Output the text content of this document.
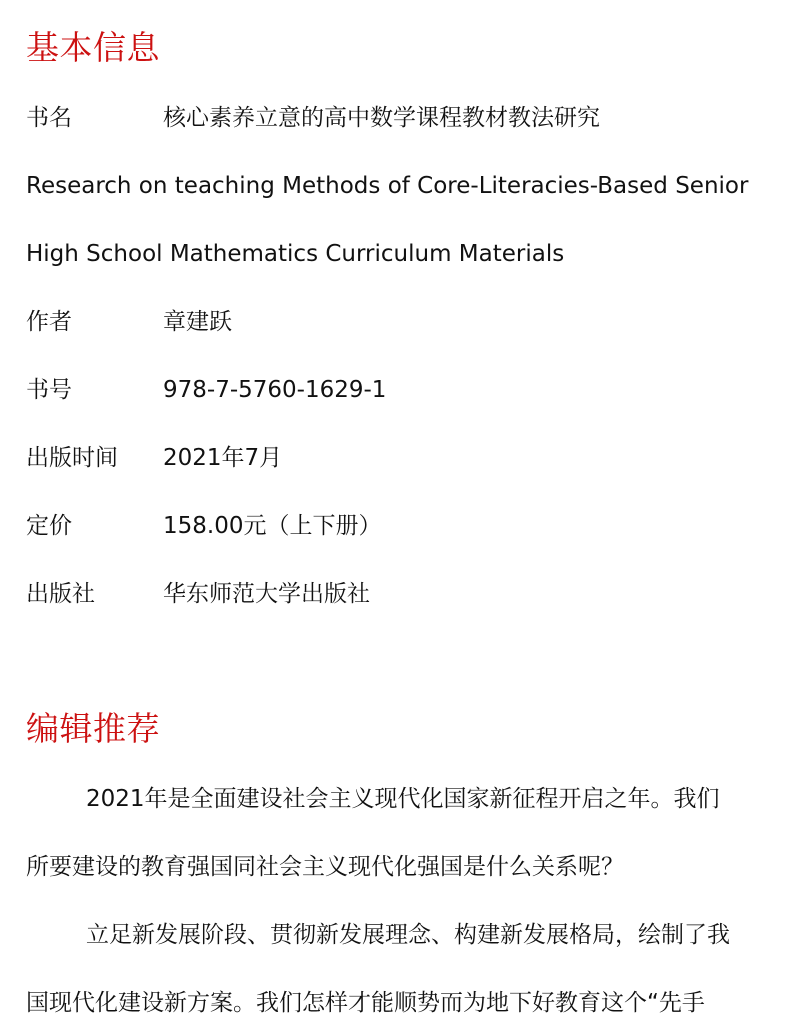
基本信息
书名	核心素养立意的高中数学课程教材教法研究
Research on teaching Methods of Core-Literacies-Based Senior
High School Mathematics Curriculum Materials
作者	章建跃
书号	978-7-5760-1629-1
出版时间 2021年7月
定价	158.00元（上下册）
出版社	华东师范大学出版社
编辑推荐
2021年是全面建设社会主义现代化国家新征程开启之年。我们
所要建设的教育强国同社会主义现代化强国是什么关系呢？
立足新发展阶段、贯彻新发展理念、构建新发展格局，绘制了我
国现代化建设新方案。我们怎样才能顺势而为地下好教育这个“先手
